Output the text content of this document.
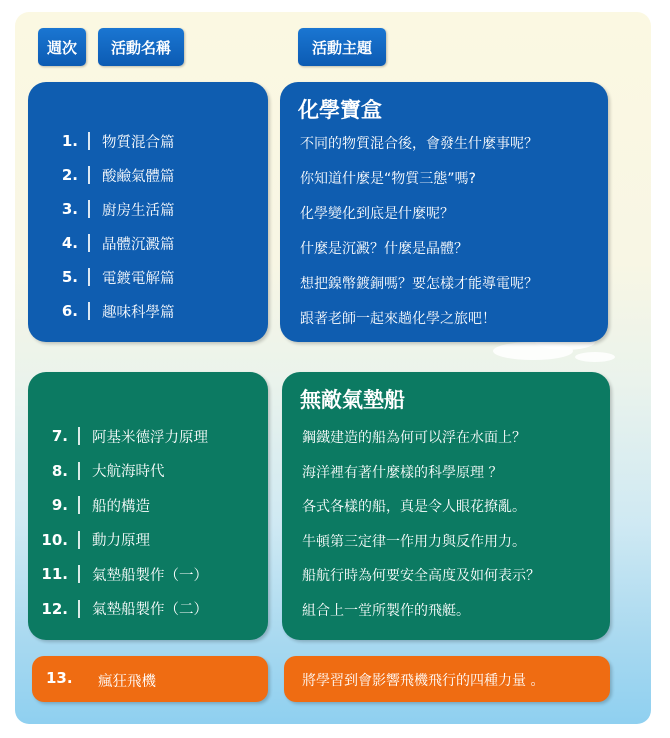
週次	活動名稱	活動主題
1. 物質混合篇
2. 酸鹼氣體篇
3. 廚房生活篇
4. 晶體沉澱篇
5. 電鍍電解篇
6. 趣味科學篇
化學寶盒
不同的物質混合後，會發生什麼事呢？
你知道什麼是“物質三態”嗎?
化學變化到底是什麼呢？
什麼是沉澱？什麼是晶體？
想把鎳幣鍍銅嗎？要怎樣才能導電呢？
跟著老師一起來趟化學之旅吧！
7. 阿基米德浮力原理
8. 大航海時代
9. 船的構造
10. 動力原理
11. 氣墊船製作（一）
12. 氣墊船製作（二）
無敵氣墊船
鋼鐵建造的船為何可以浮在水面上？
海洋裡有著什麼樣的科學原理 ？
各式各樣的船，真是令人眼花撩亂。
牛頓第三定律一作用力與反作用力。
船航行時為何要安全高度及如何表示？
組合上一堂所製作的飛艇。
13. 瘋狂飛機	將學習到會影響飛機飛行的四種力量 。
